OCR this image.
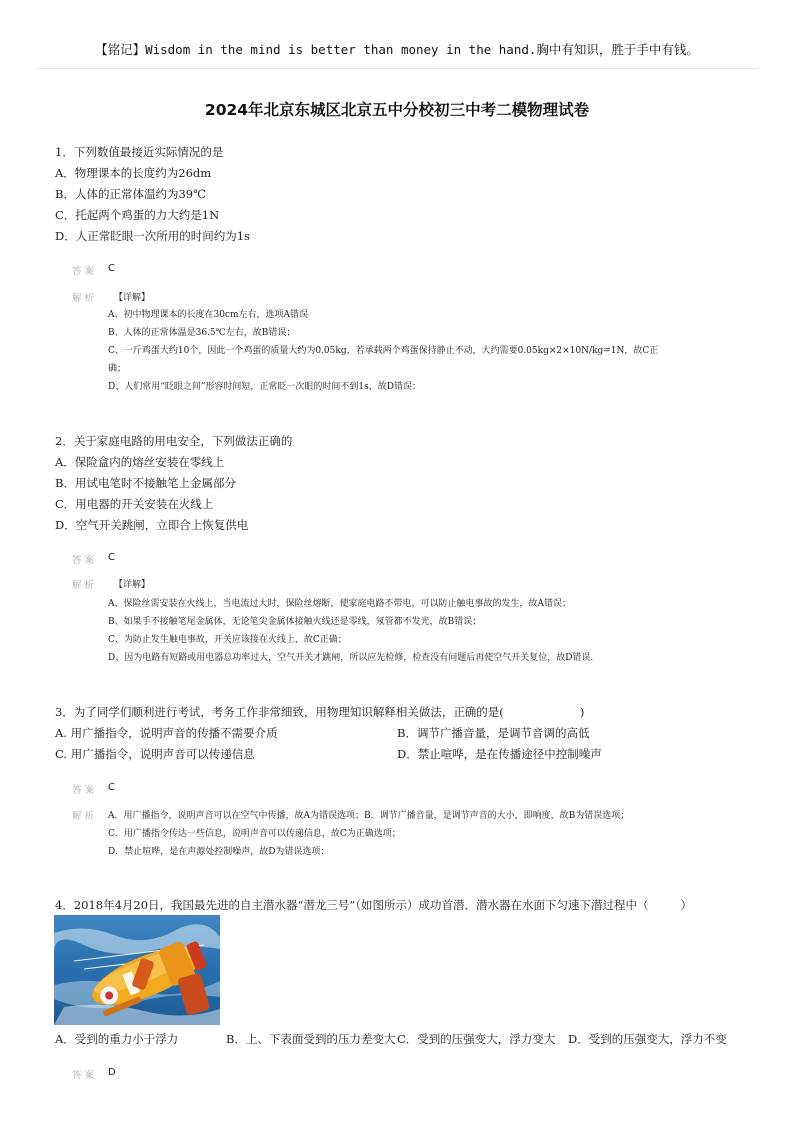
【铭记】Wisdom in the mind is better than money in the hand.胸中有知识，胜于手中有钱。
2024年北京东城区北京五中分校初三中考二模物理试卷
1．下列数值最接近实际情况的是
A．物理课本的长度约为26dm
B．人体的正常体温约为39℃
C．托起两个鸡蛋的力大约是1N
D．人正常眨眼一次所用的时间约为1s
答案 C
解析 【详解】
A、初中物理课本的长度在30cm左右，选项A错误
B、人体的正常体温是36.5℃左右，故B错误；
C、一斤鸡蛋大约10个，因此一个鸡蛋的质量大约为0.05kg，若承载两个鸡蛋保持静止不动，大约需要0.05kg×2×10N/kg=1N，故C正
确；
D、人们常用“眨眼之间”形容时间短，正常眨一次眼的时间不到1s，故D错误；
2．关于家庭电路的用电安全，下列做法正确的
A．保险盒内的熔丝安装在零线上
B．用试电笔时不接触笔上金属部分
C．用电器的开关安装在火线上
D．空气开关跳闸，立即合上恢复供电
答案 C
解析 【详解】
A、保险丝需安装在火线上，当电流过大时，保险丝熔断，使家庭电路不带电，可以防止触电事故的发生，故A错误；
B、如果手不接触笔尾金属体，无论笔尖金属体接触火线还是零线，氖管都不发光，故B错误；
C、为防止发生触电事故，开关应该接在火线上，故C正确；
D、因为电路有短路或用电器总功率过大，空气开关才跳闸，所以应先检修，检查没有问题后再使空气开关复位，故D错误.
3．为了同学们顺利进行考试，考务工作非常细致，用物理知识解释相关做法，正确的是(	)
A. 用广播指令，说明声音的传播不需要介质	B．调节广播音量，是调节音调的高低
C. 用广播指令，说明声音可以传递信息	D．禁止喧哗，是在传播途径中控制噪声
答案 C
解析 A．用广播指令，说明声音可以在空气中传播，故A为错误选项；B．调节广播音量，是调节声音的大小，即响度，故B为错误选项；
C．用广播指令传达一些信息，说明声音可以传递信息，故C为正确选项；
D．禁止喧哗，是在声源处控制噪声，故D为错误选项；
4．2018年4月20日，我国最先进的自主潜水器“潜龙三号”（如图所示）成功首潜．潜水器在水面下匀速下潜过程中（	）
A．受到的重力小于浮力	B．上、下表面受到的压力差变大 C．受到的压强变大，浮力变大 D．受到的压强变大，浮力不变
答案 D
